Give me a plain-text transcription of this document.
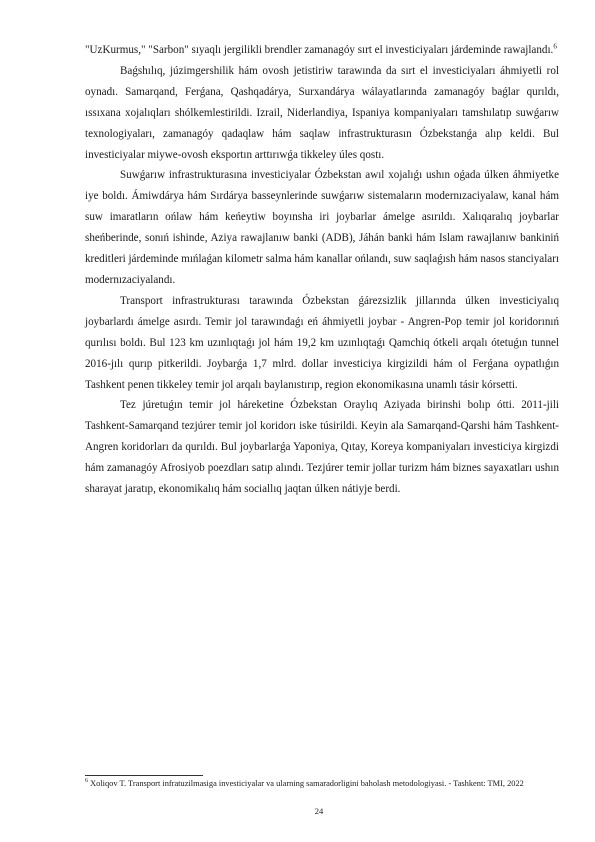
"UzKurmus," "Sarbon" sıyaqlı jergilikli brendler zamanagóy sırt el investiciyaları járdeminde rawajlandı.$^6$

Baǵshılıq, júzimgershilik hám ovosh jetistiriw tarawında da sırt el investiciyaları áhmiyetli rol oynadı. Samarqand, Ferǵana, Qashqadárya, Surxandárya wálayatlarında zamanagóy baǵlar qurıldı, ıssıxana xojalıqları shólkemlestirildi. Izrail, Niderlandiya, Ispaniya kompaniyaları tamshılatıp suwǵarıw texnologiyaları, zamanagóy qadaqlaw hám saqlaw infrastrukturasın Ózbekstanǵa alıp keldi. Bul investiciyalar miywe-ovosh eksportın arttırıwǵa tikkeley úles qostı.

Suwǵarıw infrastrukturasına investiciyalar Ózbekstan awıl xojalıǵı ushın oǵada úlken áhmiyetke iye boldı. Ámiwdárya hám Sırdárya basseynlerinde suwǵarıw sistemaların modernızaciyalaw, kanal hám suw imaratların ońlaw hám keńeytiw boyınsha iri joybarlar ámelge asırıldı. Xalıqaralıq joybarlar sheńberinde, sonıń ishinde, Aziya rawajlanıw banki (ADB), Jáhán banki hám Islam rawajlanıw bankiniń kreditleri járdeminde mıńlaǵan kilometr salma hám kanallar ońlandı, suw saqlaǵısh hám nasos stanciyaları modernızaciyalandı.

Transport infrastrukturası tarawında Ózbekstan ǵárezsizlik jillarında úlken investiciyalıq joybarlardı ámelge asırdı. Temir jol tarawındaǵı eń áhmiyetli joybar - Angren-Pop temir jol koridorınıń qurılısı boldı. Bul 123 km uzınlıqtaǵı jol hám 19,2 km uzınlıqtaǵı Qamchiq ótkeli arqalı ótetuǵın tunnel 2016-jılı qurıp pitkerildi. Joybarǵa 1,7 mlrd. dollar investiciya kirgizildi hám ol Ferǵana oypatlıǵın Tashkent penen tikkeley temir jol arqalı baylanıstırıp, region ekonomikasına unamlı tásir kórsetti.

Tez júretuǵın temir jol háreketine Ózbekstan Oraylıq Aziyada birinshi bolıp ótti. 2011-jili Tashkent-Samarqand tezjúrer temir jol koridorı iske túsirildi. Keyin ala Samarqand-Qarshi hám Tashkent-Angren koridorları da qurıldı. Bul joybarlarǵa Yaponiya, Qıtay, Koreya kompaniyaları investiciya kirgizdi hám zamanagóy Afrosiyob poezdları satıp alındı. Tezjúrer temir jollar turizm hám biznes sayaxatları ushın sharayat jaratıp, ekonomikalıq hám sociallıq jaqtan úlken nátiyje berdi.

$^6$ Xoliqov T. Transport infratuzilmasiga investiciyalar va ularning samaradorligini baholash metodologiyasi. - Tashkent: TMI, 2022
24
